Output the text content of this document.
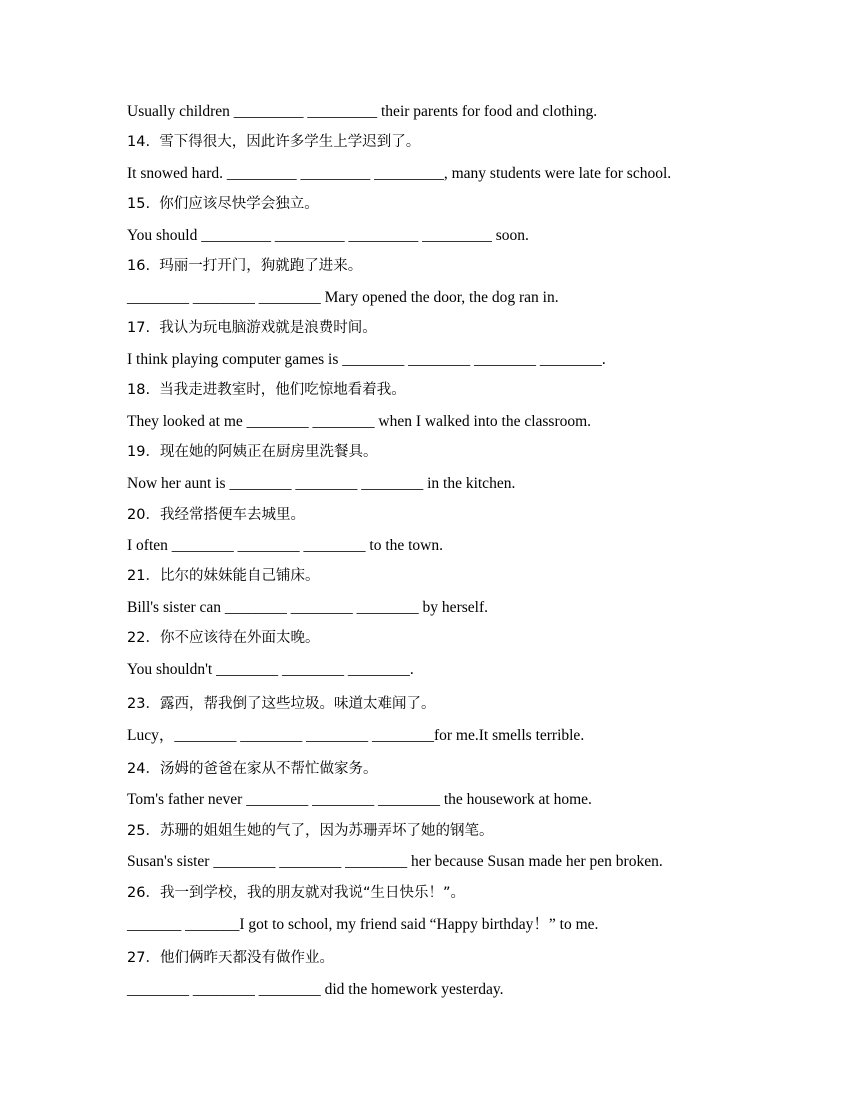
Usually children _________ _________ their parents for food and clothing.
14.  雪下得很大，因此许多学生上学迟到了。
It snowed hard. _________ _________ _________, many students were late for school.
15.  你们应该尽快学会独立。
You should _________ _________ _________ _________ soon.
16.  玛丽一打开门，狗就跑了进来。
________ ________ ________ Mary opened the door, the dog ran in.
17.  我认为玩电脑游戏就是浪费时间。
I think playing computer games is ________ ________ ________ ________.
18.  当我走进教室时，他们吃惊地看着我。
They looked at me ________ ________ when I walked into the classroom.
19．现在她的阿姨正在厨房里洗餐具。
Now her aunt is ________ ________ ________ in the kitchen.
20．我经常搭便车去城里。
I often ________ ________ ________ to the town.
21．比尔的妹妹能自己铺床。
Bill's sister can ________ ________ ________ by herself.
22．你不应该待在外面太晚。
You shouldn't ________ ________ ________.
23．露西，帮我倒了这些垃圾。味道太难闻了。
Lucy，________ ________ ________ ________for me.It smells terrible.
24．汤姆的爸爸在家从不帮忙做家务。
Tom's father never ________ ________ ________ the housework at home.
25．苏珊的姐姐生她的气了，因为苏珊弄坏了她的钢笔。
Susan's sister ________ ________ ________ her because Susan made her pen broken.
26．我一到学校，我的朋友就对我说“生日快乐！”。
_______ _______I got to school, my friend said “Happy birthday！” to me.
27．他们俩昨天都没有做作业。
________ ________ ________ did the homework yesterday.
